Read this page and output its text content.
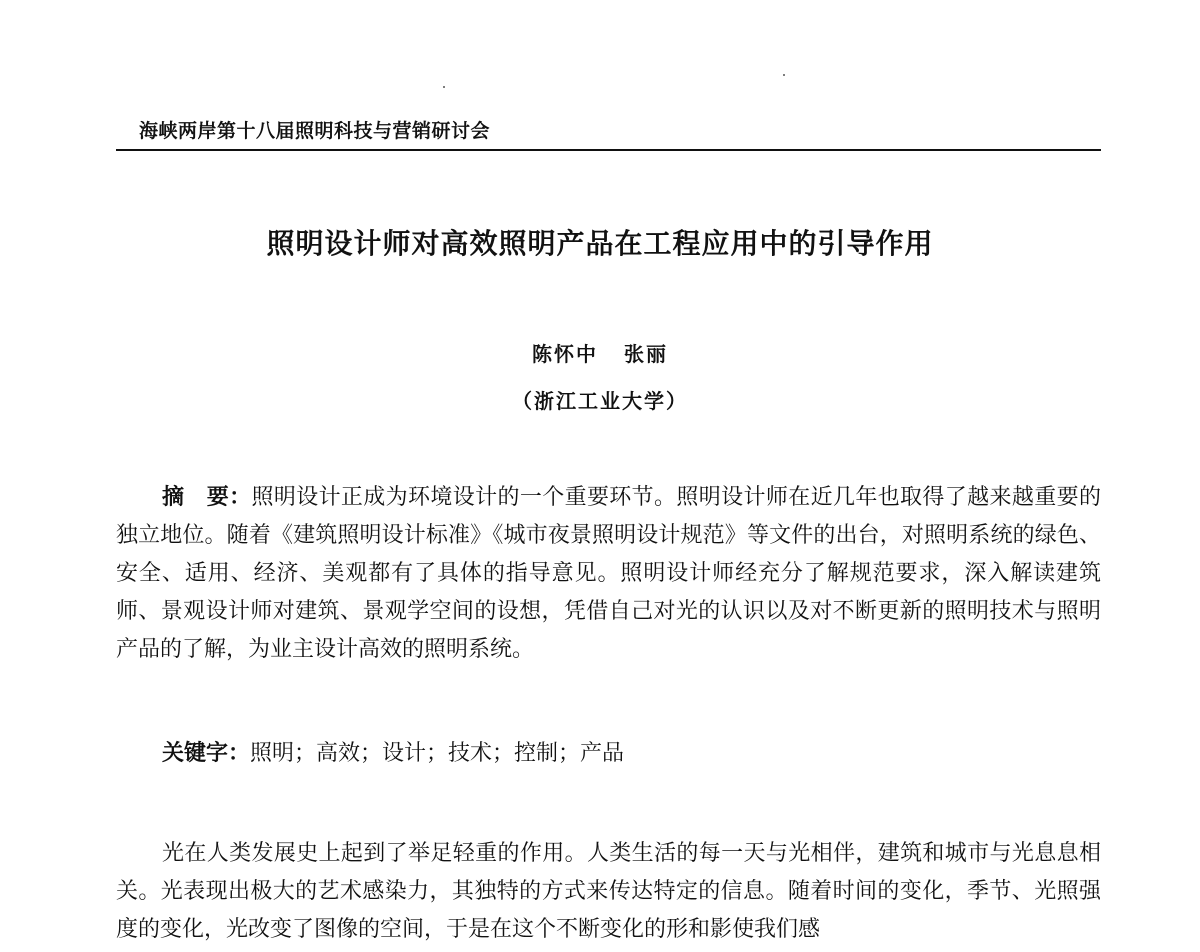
海峡两岸第十八届照明科技与营销研讨会
照明设计师对高效照明产品在工程应用中的引导作用
陈怀中 张丽
（浙江工业大学）

摘　要：照明设计正成为环境设计的一个重要环节。照明设计师在近几年也取得了越来越重要的独立地位。随着《建筑照明设计标准》《城市夜景照明设计规范》等文件的出台，对照明系统的绿色、安全、适用、经济、美观都有了具体的指导意见。照明设计师经充分了解规范要求，深入解读建筑师、景观设计师对建筑、景观学空间的设想，凭借自己对光的认识以及对不断更新的照明技术与照明产品的了解，为业主设计高效的照明系统。

关键字：照明；高效；设计；技术；控制；产品

光在人类发展史上起到了举足轻重的作用。人类生活的每一天与光相伴，建筑和城市与光息息相关。光表现出极大的艺术感染力，其独特的方式来传达特定的信息。随着时间的变化，季节、光照强度的变化，光改变了图像的空间，于是在这个不断变化的形和影使我们感
